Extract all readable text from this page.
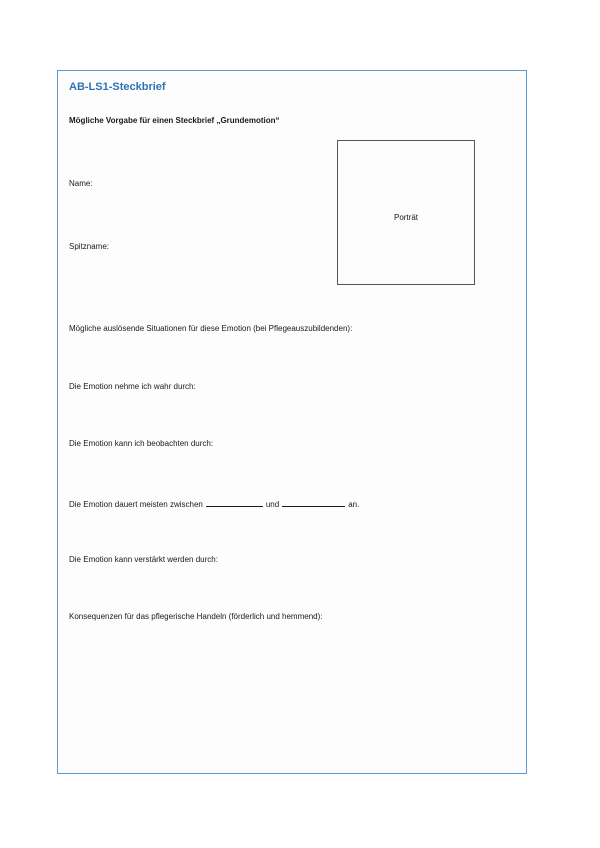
AB-LS1-Steckbrief

Mögliche Vorgabe für einen Steckbrief „Grundemotion“

Porträt
Name:
Spitzname:
Mögliche auslösende Situationen für diese Emotion (bei Pflegeauszubildenden):
Die Emotion nehme ich wahr durch:
Die Emotion kann ich beobachten durch:
Die Emotion dauert meisten zwischen	und	an.
Die Emotion kann verstärkt werden durch:
Konsequenzen für das pflegerische Handeln (förderlich und hemmend):
